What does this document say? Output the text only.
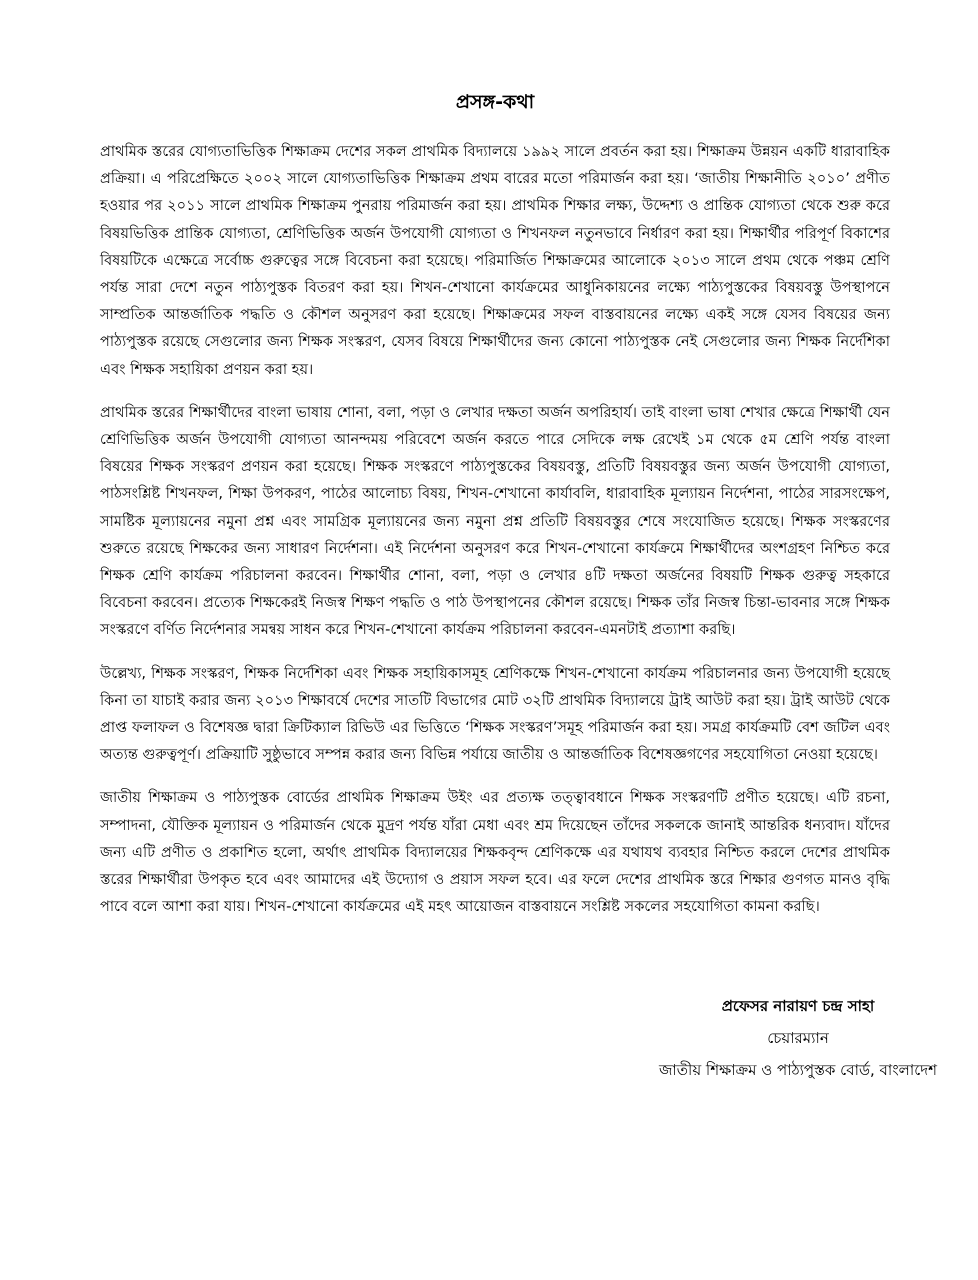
প্রসঙ্গ-কথা

প্রাথমিক স্তরের যোগ্যতাভিত্তিক শিক্ষাক্রম দেশের সকল প্রাথমিক বিদ্যালয়ে ১৯৯২ সালে প্রবর্তন করা হয়। শিক্ষাক্রম উন্নয়ন একটি ধারাবাহিক প্রক্রিয়া। এ পরিপ্রেক্ষিতে ২০০২ সালে যোগ্যতাভিত্তিক শিক্ষাক্রম প্রথম বারের মতো পরিমার্জন করা হয়। ‘জাতীয় শিক্ষানীতি ২০১০’ প্রণীত হওয়ার পর ২০১১ সালে প্রাথমিক শিক্ষাক্রম পুনরায় পরিমার্জন করা হয়। প্রাথমিক শিক্ষার লক্ষ্য, উদ্দেশ্য ও প্রান্তিক যোগ্যতা থেকে শুরু করে বিষয়ভিত্তিক প্রান্তিক যোগ্যতা, শ্রেণিভিত্তিক অর্জন উপযোগী যোগ্যতা ও শিখনফল নতুনভাবে নির্ধারণ করা হয়। শিক্ষার্থীর পরিপূর্ণ বিকাশের বিষয়টিকে এক্ষেত্রে সর্বোচ্চ গুরুত্বের সঙ্গে বিবেচনা করা হয়েছে। পরিমার্জিত শিক্ষাক্রমের আলোকে ২০১৩ সালে প্রথম থেকে পঞ্চম শ্রেণি পর্যন্ত সারা দেশে নতুন পাঠ্যপুস্তক বিতরণ করা হয়। শিখন-শেখানো কার্যক্রমের আধুনিকায়নের লক্ষ্যে পাঠ্যপুস্তকের বিষয়বস্তু উপস্থাপনে সাম্প্রতিক আন্তর্জাতিক পদ্ধতি ও কৌশল অনুসরণ করা হয়েছে। শিক্ষাক্রমের সফল বাস্তবায়নের লক্ষ্যে একই সঙ্গে যেসব বিষয়ের জন্য পাঠ্যপুস্তক রয়েছে সেগুলোর জন্য শিক্ষক সংস্করণ, যেসব বিষয়ে শিক্ষার্থীদের জন্য কোনো পাঠ্যপুস্তক নেই সেগুলোর জন্য শিক্ষক নির্দেশিকা এবং শিক্ষক সহায়িকা প্রণয়ন করা হয়।

প্রাথমিক স্তরের শিক্ষার্থীদের বাংলা ভাষায় শোনা, বলা, পড়া ও লেখার দক্ষতা অর্জন অপরিহার্য। তাই বাংলা ভাষা শেখার ক্ষেত্রে শিক্ষার্থী যেন শ্রেণিভিত্তিক অর্জন উপযোগী যোগ্যতা আনন্দময় পরিবেশে অর্জন করতে পারে সেদিকে লক্ষ রেখেই ১ম থেকে ৫ম শ্রেণি পর্যন্ত বাংলা বিষয়ের শিক্ষক সংস্করণ প্রণয়ন করা হয়েছে। শিক্ষক সংস্করণে পাঠ্যপুস্তকের বিষয়বস্তু, প্রতিটি বিষয়বস্তুর জন্য অর্জন উপযোগী যোগ্যতা, পাঠসংশ্লিষ্ট শিখনফল, শিক্ষা উপকরণ, পাঠের আলোচ্য বিষয়, শিখন-শেখানো কার্যাবলি, ধারাবাহিক মূল্যায়ন নির্দেশনা, পাঠের সারসংক্ষেপ, সামষ্টিক মূল্যায়নের নমুনা প্রশ্ন এবং সামগ্রিক মূল্যায়নের জন্য নমুনা প্রশ্ন প্রতিটি বিষয়বস্তুর শেষে সংযোজিত হয়েছে। শিক্ষক সংস্করণের শুরুতে রয়েছে শিক্ষকের জন্য সাধারণ নির্দেশনা। এই নির্দেশনা অনুসরণ করে শিখন-শেখানো কার্যক্রমে শিক্ষার্থীদের অংশগ্রহণ নিশ্চিত করে শিক্ষক শ্রেণি কার্যক্রম পরিচালনা করবেন। শিক্ষার্থীর শোনা, বলা, পড়া ও লেখার ৪টি দক্ষতা অর্জনের বিষয়টি শিক্ষক গুরুত্ব সহকারে বিবেচনা করবেন। প্রত্যেক শিক্ষকেরই নিজস্ব শিক্ষণ পদ্ধতি ও পাঠ উপস্থাপনের কৌশল রয়েছে। শিক্ষক তাঁর নিজস্ব চিন্তা-ভাবনার সঙ্গে শিক্ষক সংস্করণে বর্ণিত নির্দেশনার সমন্বয় সাধন করে শিখন-শেখানো কার্যক্রম পরিচালনা করবেন-এমনটাই প্রত্যাশা করছি।

উল্লেখ্য, শিক্ষক সংস্করণ, শিক্ষক নির্দেশিকা এবং শিক্ষক সহায়িকাসমূহ শ্রেণিকক্ষে শিখন-শেখানো কার্যক্রম পরিচালনার জন্য উপযোগী হয়েছে কিনা তা যাচাই করার জন্য ২০১৩ শিক্ষাবর্ষে দেশের সাতটি বিভাগের মোট ৩২টি প্রাথমিক বিদ্যালয়ে ট্রাই আউট করা হয়। ট্রাই আউট থেকে প্রাপ্ত ফলাফল ও বিশেষজ্ঞ দ্বারা ক্রিটিক্যাল রিভিউ এর ভিত্তিতে ‘শিক্ষক সংস্করণ’সমূহ পরিমার্জন করা হয়। সমগ্র কার্যক্রমটি বেশ জটিল এবং অত্যন্ত গুরুত্বপূর্ণ। প্রক্রিয়াটি সুষ্ঠুভাবে সম্পন্ন করার জন্য বিভিন্ন পর্যায়ে জাতীয় ও আন্তর্জাতিক বিশেষজ্ঞগণের সহযোগিতা নেওয়া হয়েছে।

জাতীয় শিক্ষাক্রম ও পাঠ্যপুস্তক বোর্ডের প্রাথমিক শিক্ষাক্রম উইং এর প্রত্যক্ষ তত্ত্বাবধানে শিক্ষক সংস্করণটি প্রণীত হয়েছে। এটি রচনা, সম্পাদনা, যৌক্তিক মূল্যায়ন ও পরিমার্জন থেকে মুদ্রণ পর্যন্ত যাঁরা মেধা এবং শ্রম দিয়েছেন তাঁদের সকলকে জানাই আন্তরিক ধন্যবাদ। যাঁদের জন্য এটি প্রণীত ও প্রকাশিত হলো, অর্থাৎ প্রাথমিক বিদ্যালয়ের শিক্ষকবৃন্দ শ্রেণিকক্ষে এর যথাযথ ব্যবহার নিশ্চিত করলে দেশের প্রাথমিক স্তরের শিক্ষার্থীরা উপকৃত হবে এবং আমাদের এই উদ্যোগ ও প্রয়াস সফল হবে। এর ফলে দেশের প্রাথমিক স্তরে শিক্ষার গুণগত মানও বৃদ্ধি পাবে বলে আশা করা যায়। শিখন-শেখানো কার্যক্রমের এই মহৎ আয়োজন বাস্তবায়নে সংশ্লিষ্ট সকলের সহযোগিতা কামনা করছি।

প্রফেসর নারায়ণ চন্দ্র সাহা
চেয়ারম্যান
জাতীয় শিক্ষাক্রম ও পাঠ্যপুস্তক বোর্ড, বাংলাদেশ
